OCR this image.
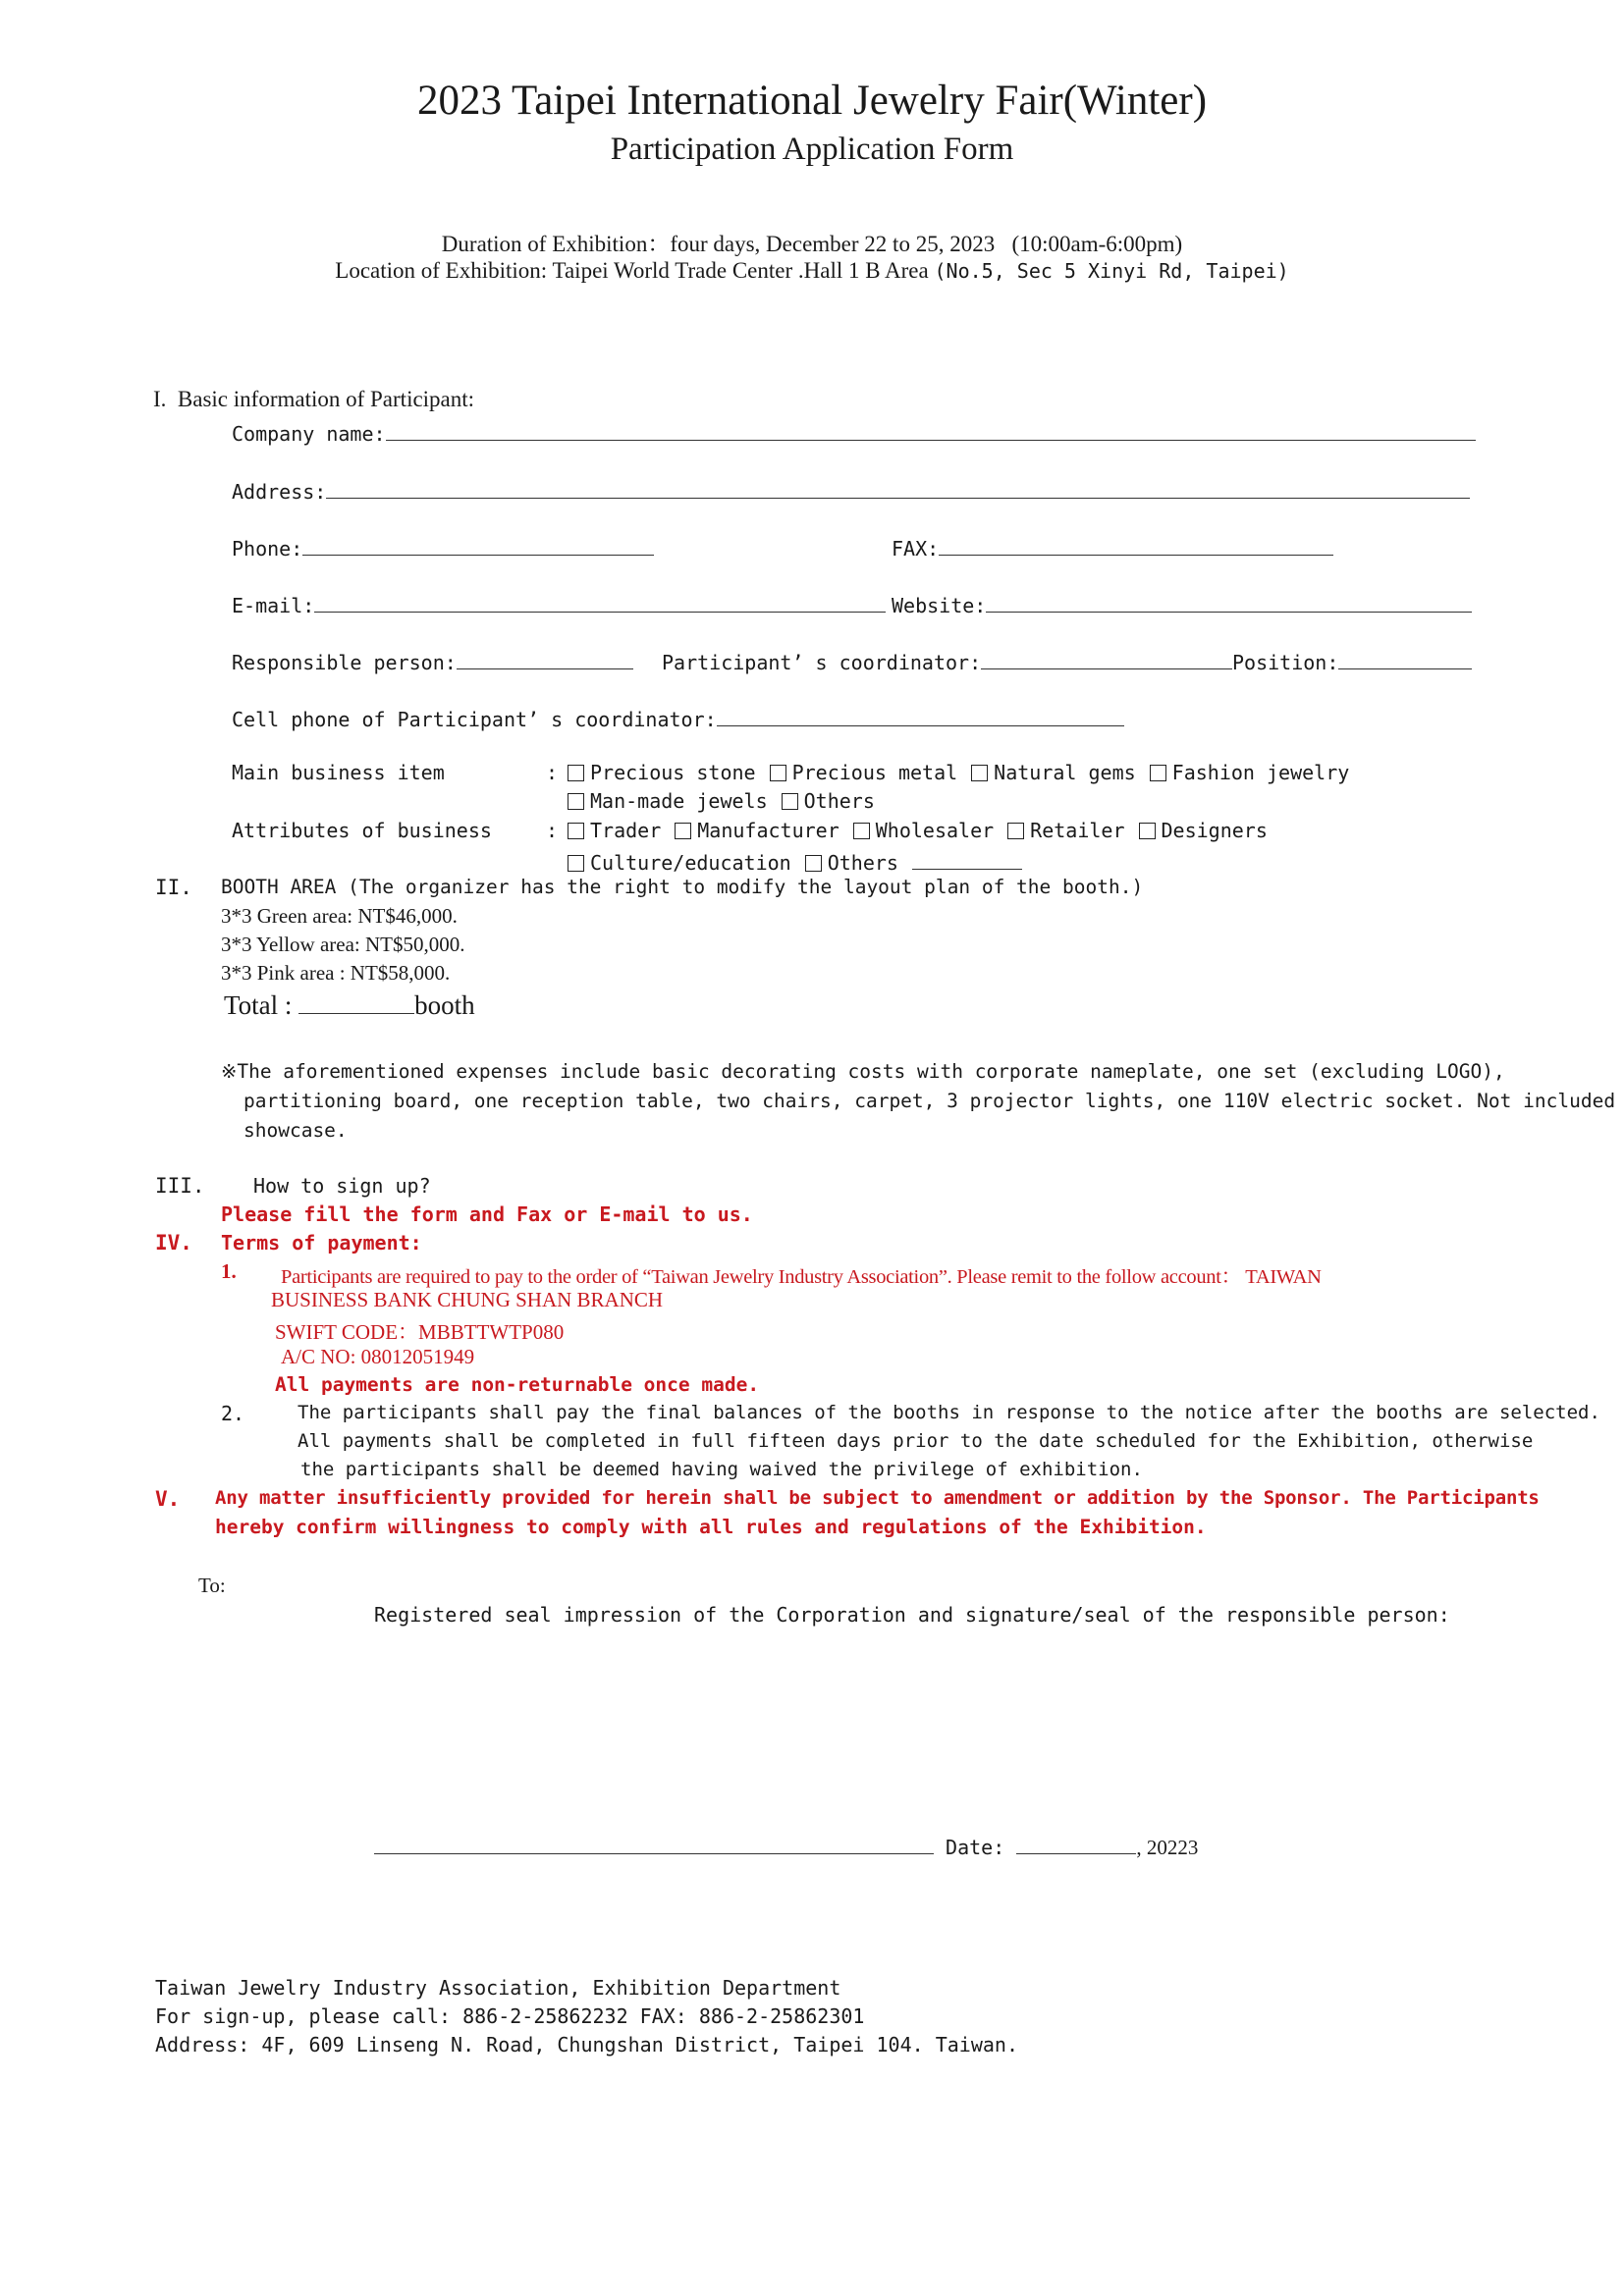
2023 Taipei International Jewelry Fair(Winter)
Participation Application Form
Duration of Exhibition：four days, December 22 to 25, 2023 (10:00am-6:00pm)
Location of Exhibition: Taipei World Trade Center .Hall 1 B Area (No.5, Sec 5 Xinyi Rd, Taipei)
I. Basic information of Participant:
Company name:
Address:
Phone:	FAX:
E-mail:	Website:
Responsible person:	Participant’ s coordinator:	Position:
Cell phone of Participant’ s coordinator:
Main business item	:	Precious stone Precious metal Natural gems Fashion jewelry
Man-made jewels Others
Attributes of business	:	Trader Manufacturer Wholesaler Retailer Designers
Culture/education Others
II. BOOTH AREA (The organizer has the right to modify the layout plan of the booth.)
3*3 Green area: NT$46,000.
3*3 Yellow area: NT$50,000.
3*3 Pink area : NT$58,000.
Total :	booth
※The aforementioned expenses include basic decorating costs with corporate nameplate, one set (excluding LOGO),
partitioning board, one reception table, two chairs, carpet, 3 projector lights, one 110V electric socket. Not included
showcase.
III. How to sign up?
Please fill the form and Fax or E-mail to us.
IV. Terms of payment:
1. Participants are required to pay to the order of “Taiwan Jewelry Industry Association”. Please remit to the follow account： TAIWAN
BUSINESS BANK CHUNG SHAN BRANCH
SWIFT CODE：MBBTTWTP080
A/C NO: 08012051949
All payments are non-returnable once made.
2.	The participants shall pay the final balances of the booths in response to the notice after the booths are selected.
All payments shall be completed in full fifteen days prior to the date scheduled for the Exhibition, otherwise
the participants shall be deemed having waived the privilege of exhibition.
V. Any matter insufficiently provided for herein shall be subject to amendment or addition by the Sponsor. The Participants
hereby confirm willingness to comply with all rules and regulations of the Exhibition.
To:
Registered seal impression of the Corporation and signature/seal of the responsible person:
Date:	, 20223
Taiwan Jewelry Industry Association, Exhibition Department
For sign-up, please call: 886-2-25862232 FAX: 886-2-25862301
Address: 4F, 609 Linseng N. Road, Chungshan District, Taipei 104. Taiwan.
